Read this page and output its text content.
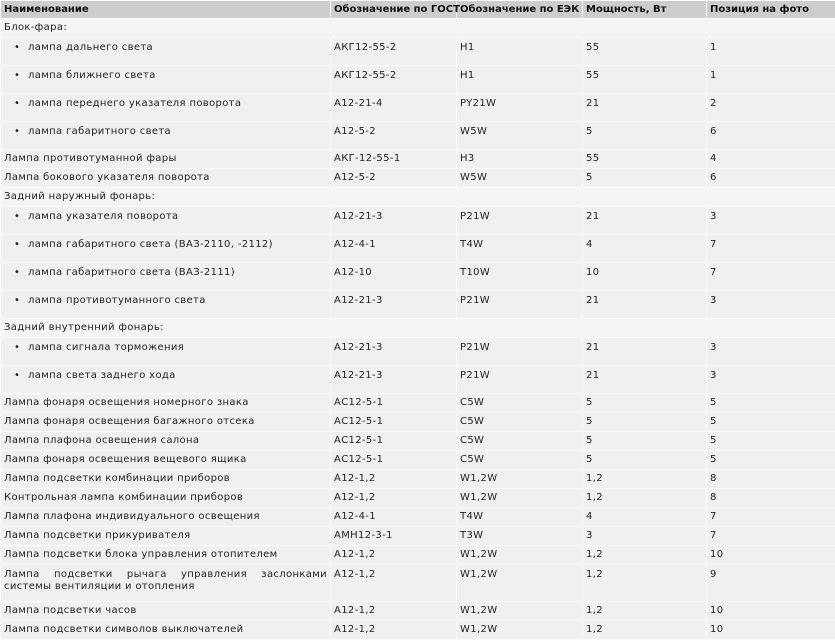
Наименование	Обозначение по ГОСТ	Обозначение по ЕЭК	Мощность, Вт	Позиция на фото
Блок-фара:				
• лампа дальнего света	АКГ12-55-2	H1	55	1
• лампа ближнего света	АКГ12-55-2	H1	55	1
• лампа переднего указателя поворота	А12-21-4	PY21W	21	2
• лампа габаритного света	А12-5-2	W5W	5	6
Лампа противотуманной фары	АКГ-12-55-1	H3	55	4
Лампа бокового указателя поворота	А12-5-2	W5W	5	6
Задний наружный фонарь:				
• лампа указателя поворота	А12-21-3	P21W	21	3
• лампа габаритного света (ВАЗ-2110, -2112)	А12-4-1	T4W	4	7
• лампа габаритного света (ВАЗ-2111)	А12-10	T10W	10	7
• лампа противотуманного света	А12-21-3	P21W	21	3
Задний внутренний фонарь:				
• лампа сигнала торможения	А12-21-3	P21W	21	3
• лампа света заднего хода	А12-21-3	P21W	21	3
Лампа фонаря освещения номерного знака	АС12-5-1	C5W	5	5
Лампа фонаря освещения багажного отсека	АС12-5-1	C5W	5	5
Лампа плафона освещения салона	АС12-5-1	C5W	5	5
Лампа фонаря освещения вещевого ящика	АС12-5-1	C5W	5	5
Лампа подсветки комбинации приборов	А12-1,2	W1,2W	1,2	8
Контрольная лампа комбинации приборов	А12-1,2	W1,2W	1,2	8
Лампа плафона индивидуального освещения	А12-4-1	T4W	4	7
Лампа подсветки прикуривателя	АМН12-3-1	T3W	3	7
Лампа подсветки блока управления отопителем	А12-1,2	W1,2W	1,2	10
Лампа подсветки рычага управления заслонками системы вентиляции и отопления	А12-1,2	W1,2W	1,2	9
Лампа подсветки часов	А12-1,2	W1,2W	1,2	10
Лампа подсветки символов выключателей	А12-1,2	W1,2W	1,2	10
